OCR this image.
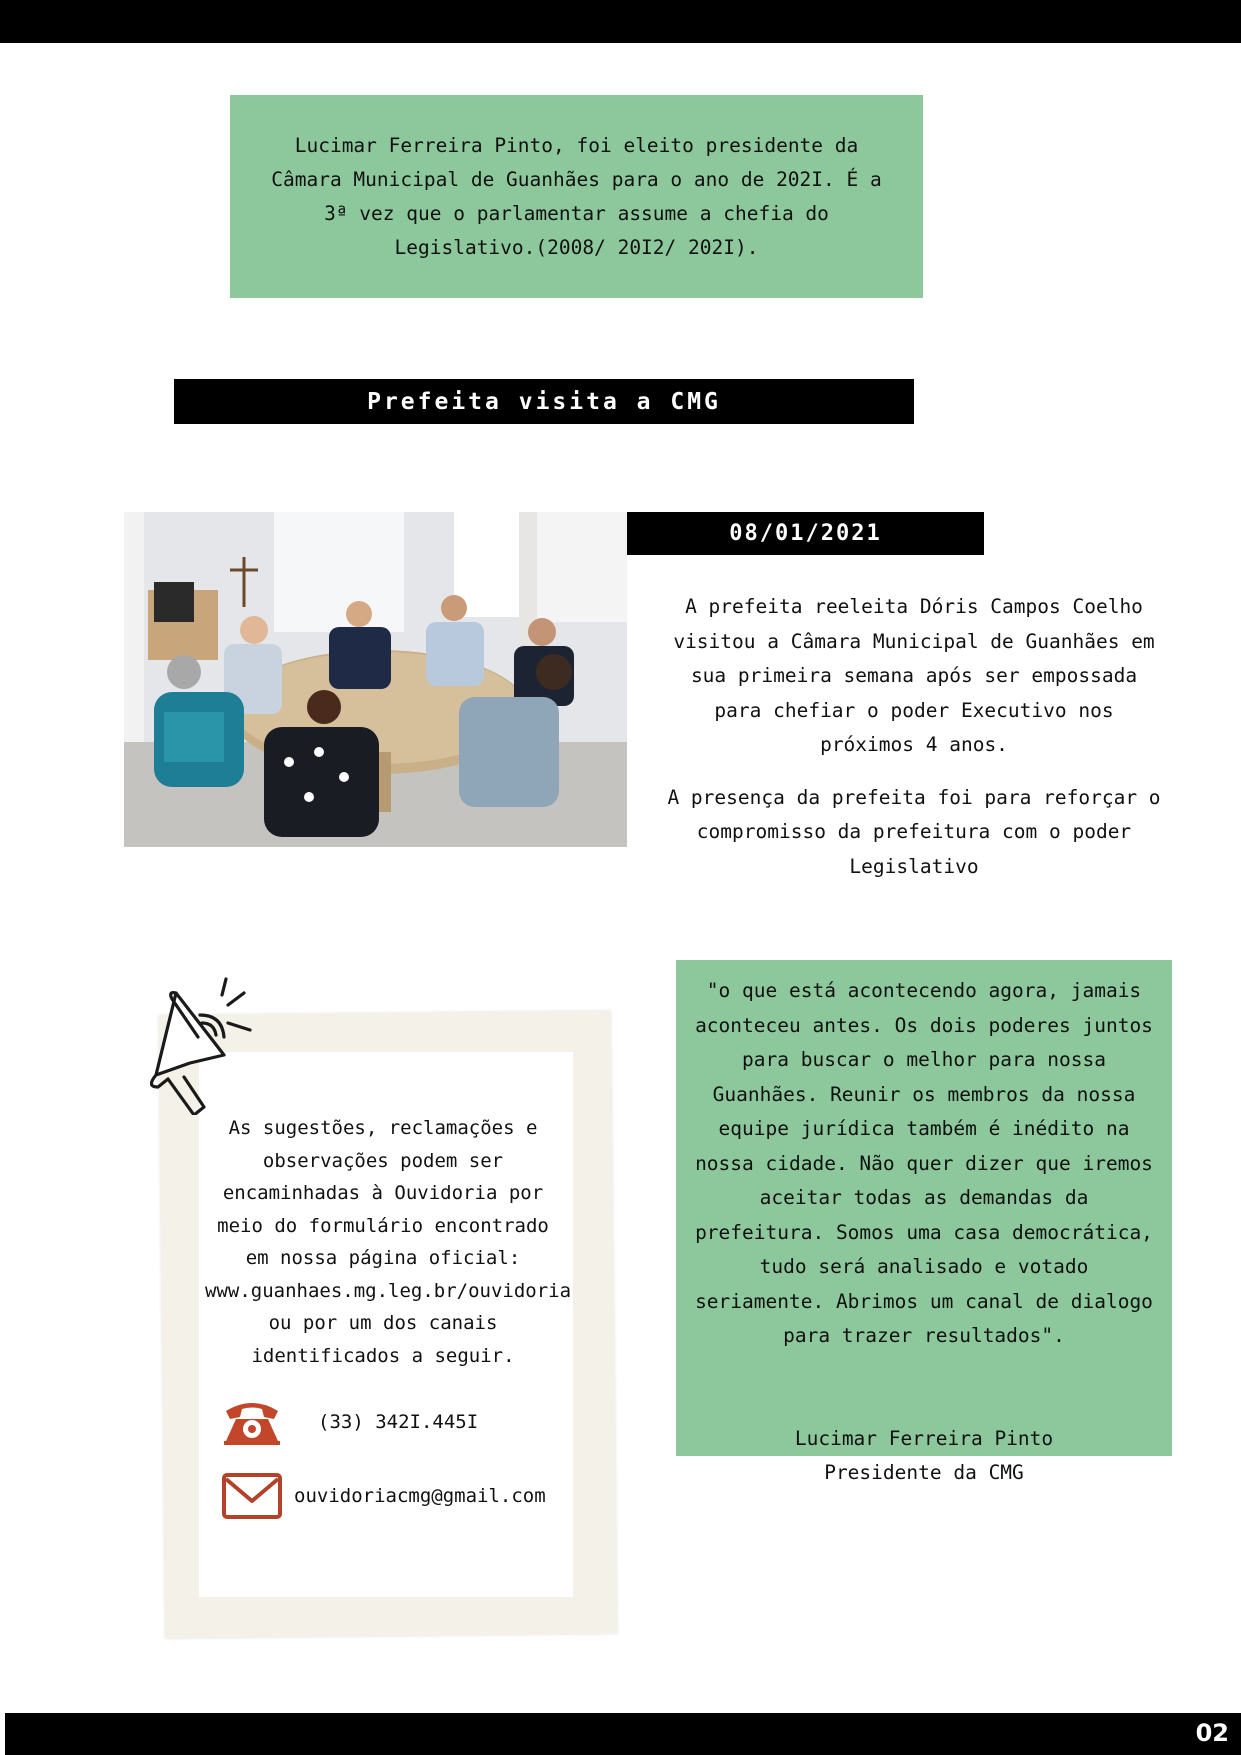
Lucimar Ferreira Pinto, foi eleito presidente da Câmara Municipal de Guanhães para o ano de 202I. É a 3ª vez que o parlamentar assume a chefia do Legislativo.(2008/ 20I2/ 202I).

Prefeita visita a CMG
08/01/2021

A prefeita reeleita Dóris Campos Coelho visitou a Câmara Municipal de Guanhães em sua primeira semana após ser empossada para chefiar o poder Executivo nos próximos 4 anos.

A presença da prefeita foi para reforçar o compromisso da prefeitura com o poder Legislativo

"o que está acontecendo agora, jamais aconteceu antes. Os dois poderes juntos para buscar o melhor para nossa Guanhães. Reunir os membros da nossa equipe jurídica também é inédito na nossa cidade. Não quer dizer que iremos aceitar todas as demandas da prefeitura. Somos uma casa democrática, tudo será analisado e votado seriamente. Abrimos um canal de dialogo para trazer resultados".

Lucimar Ferreira Pinto

Presidente da CMG

As sugestões, reclamações e observações podem ser encaminhadas à Ouvidoria por meio do formulário encontrado em nossa página oficial: www.guanhaes.mg.leg.br/ouvidoria ou por um dos canais identificados a seguir.

(33) 342I.445I
ouvidoriacmg@gmail.com
02
